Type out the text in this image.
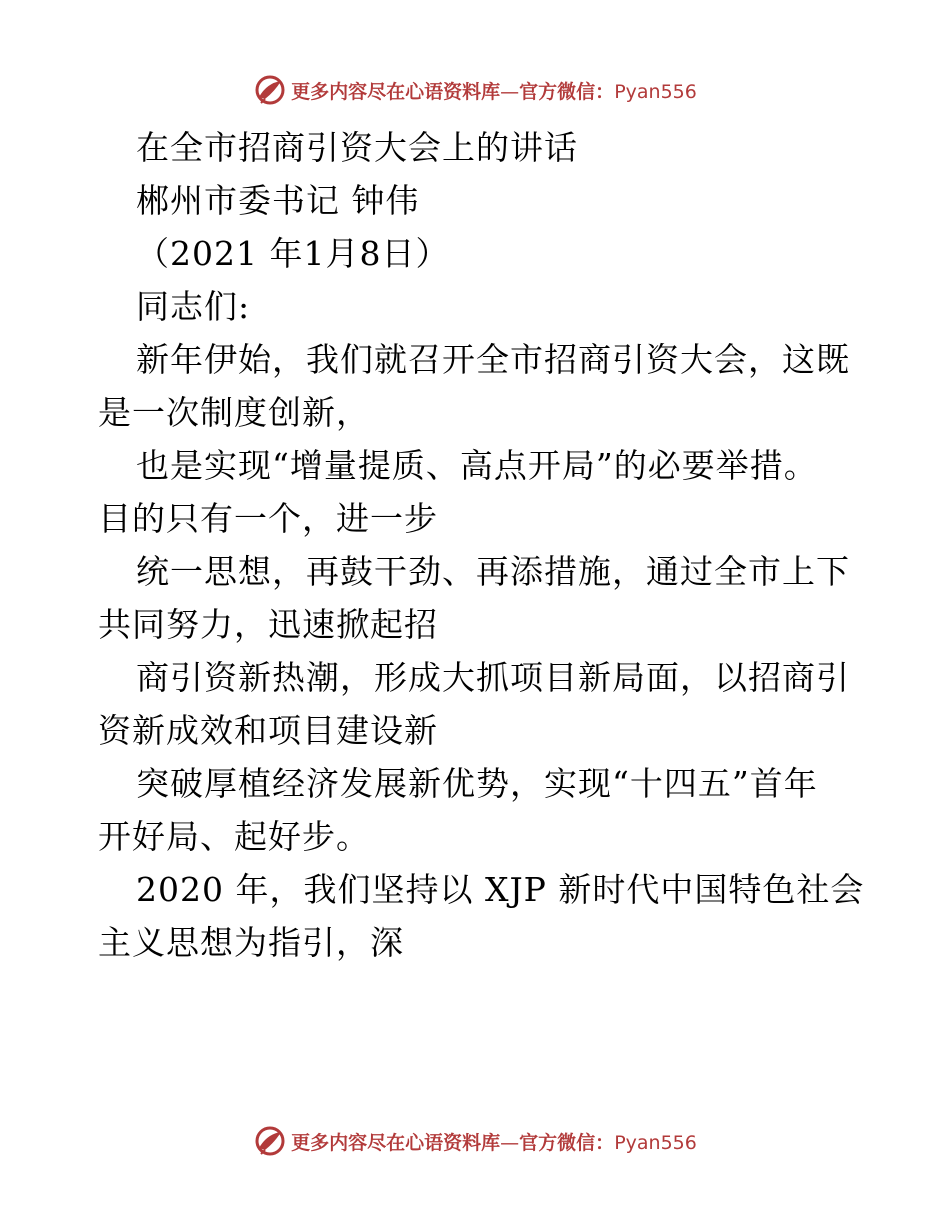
更多内容尽在心语资料库—官方微信：Pyan556
在全市招商引资大会上的讲话
郴州市委书记 钟伟
（2021 年1月8日）
同志们:
新年伊始，我们就召开全市招商引资大会，这既
是一次制度创新，
也是实现“增量提质、高点开局”的必要举措。
目的只有一个，进一步
统一思想，再鼓干劲、再添措施，通过全市上下
共同努力，迅速掀起招
商引资新热潮，形成大抓项目新局面，以招商引
资新成效和项目建设新
突破厚植经济发展新优势，实现“十四五”首年
开好局、起好步。
2020 年，我们坚持以 XJP 新时代中国特色社会
主义思想为指引，深
更多内容尽在心语资料库—官方微信：Pyan556
